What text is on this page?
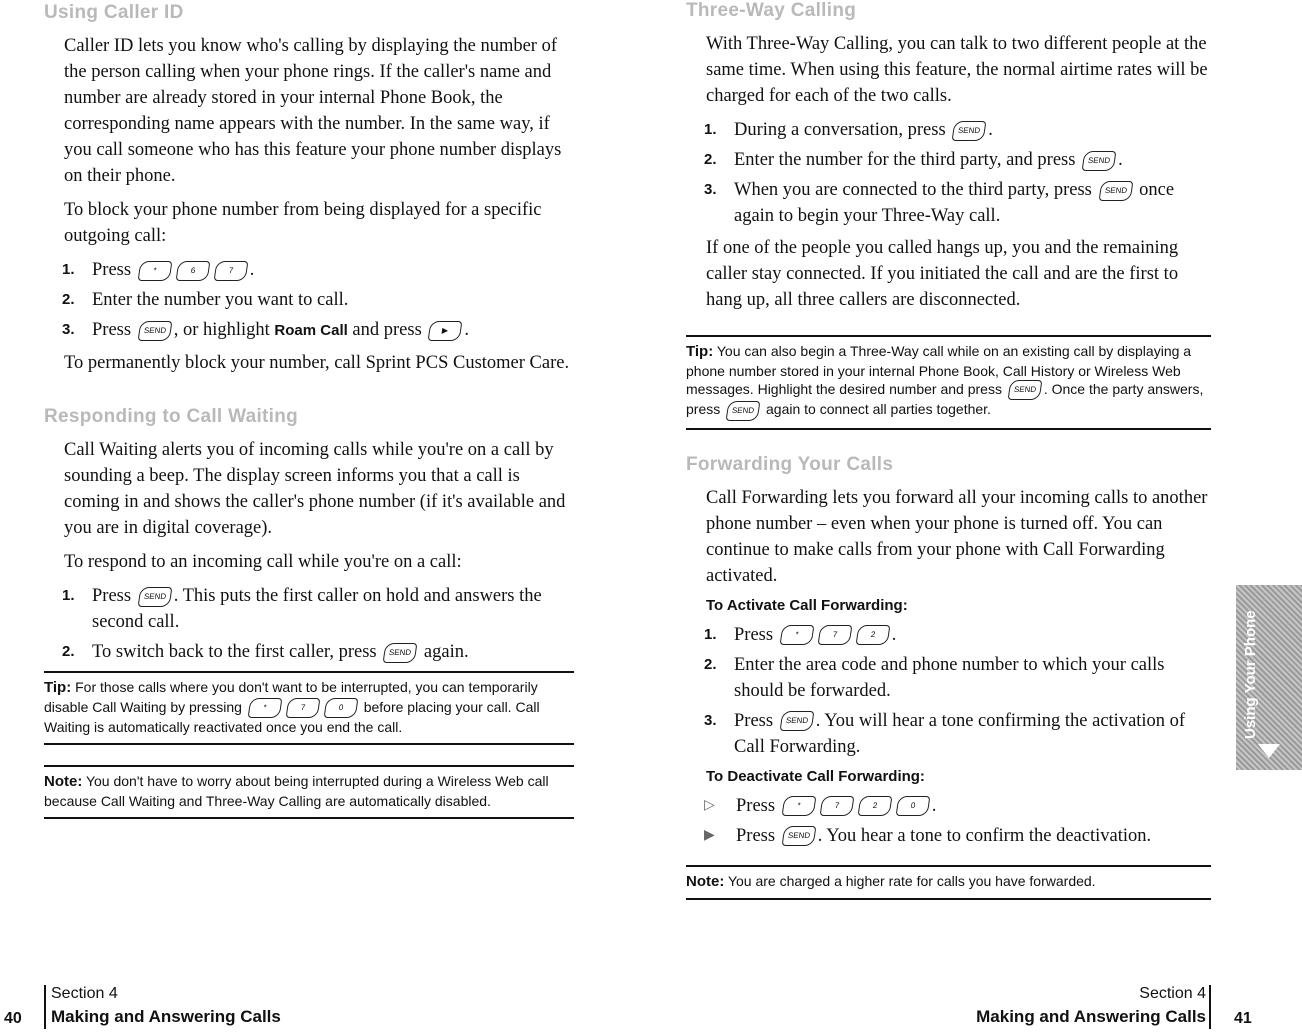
Using Caller ID

Caller ID lets you know who's calling by displaying the number of the person calling when your phone rings. If the caller's name and number are already stored in your internal Phone Book, the corresponding name appears with the number. In the same way, if you call someone who has this feature your phone number displays on their phone.

To block your phone number from being displayed for a specific outgoing call:

1. Press	*	6	7 .
2. Enter the number you want to call.
3. Press SEND , or highlight Roam Call and press ▶ .

To permanently block your number, call Sprint PCS Customer Care.

Responding to Call Waiting

Call Waiting alerts you of incoming calls while you're on a call by sounding a beep. The display screen informs you that a call is coming in and shows the caller's phone number (if it's available and you are in digital coverage).

To respond to an incoming call while you're on a call:

1. Press SEND . This puts the first caller on hold and answers the second call.
2. To switch back to the first caller, press SEND again.
Tip: For those calls where you don't want to be interrupted, you can temporarily disable Call Waiting by pressing	*	7	0 before placing your call. Call Waiting is automatically reactivated once you end the call.
Note: You don't have to worry about being interrupted during a Wireless Web call because Call Waiting and Three-Way Calling are automatically disabled.
Three-Way Calling

With Three-Way Calling, you can talk to two different people at the same time. When using this feature, the normal airtime rates will be charged for each of the two calls.

1. During a conversation, press SEND .
2. Enter the number for the third party, and press SEND .
3. When you are connected to the third party, press SEND once again to begin your Three-Way call.

If one of the people you called hangs up, you and the remaining caller stay connected. If you initiated the call and are the first to hang up, all three callers are disconnected.

Tip: You can also begin a Three-Way call while on an existing call by displaying a phone number stored in your internal Phone Book, Call History or Wireless Web messages. Highlight the desired number and press SEND . Once the party answers, press SEND again to connect all parties together.
Forwarding Your Calls

Call Forwarding lets you forward all your incoming calls to another phone number – even when your phone is turned off. You can continue to make calls from your phone with Call Forwarding activated.

To Activate Call Forwarding:
1. Press	*	7	2 .
2. Enter the area code and phone number to which your calls should be forwarded.
3. Press SEND . You will hear a tone confirming the activation of Call Forwarding.
To Deactivate Call Forwarding:
▷	Press	*	7	2	0 .
▶	Press SEND . You hear a tone to confirm the deactivation.
Note: You are charged a higher rate for calls you have forwarded.
Using Your Phone
40
Section 4
Making and Answering Calls
Section 4
Making and Answering Calls 41
